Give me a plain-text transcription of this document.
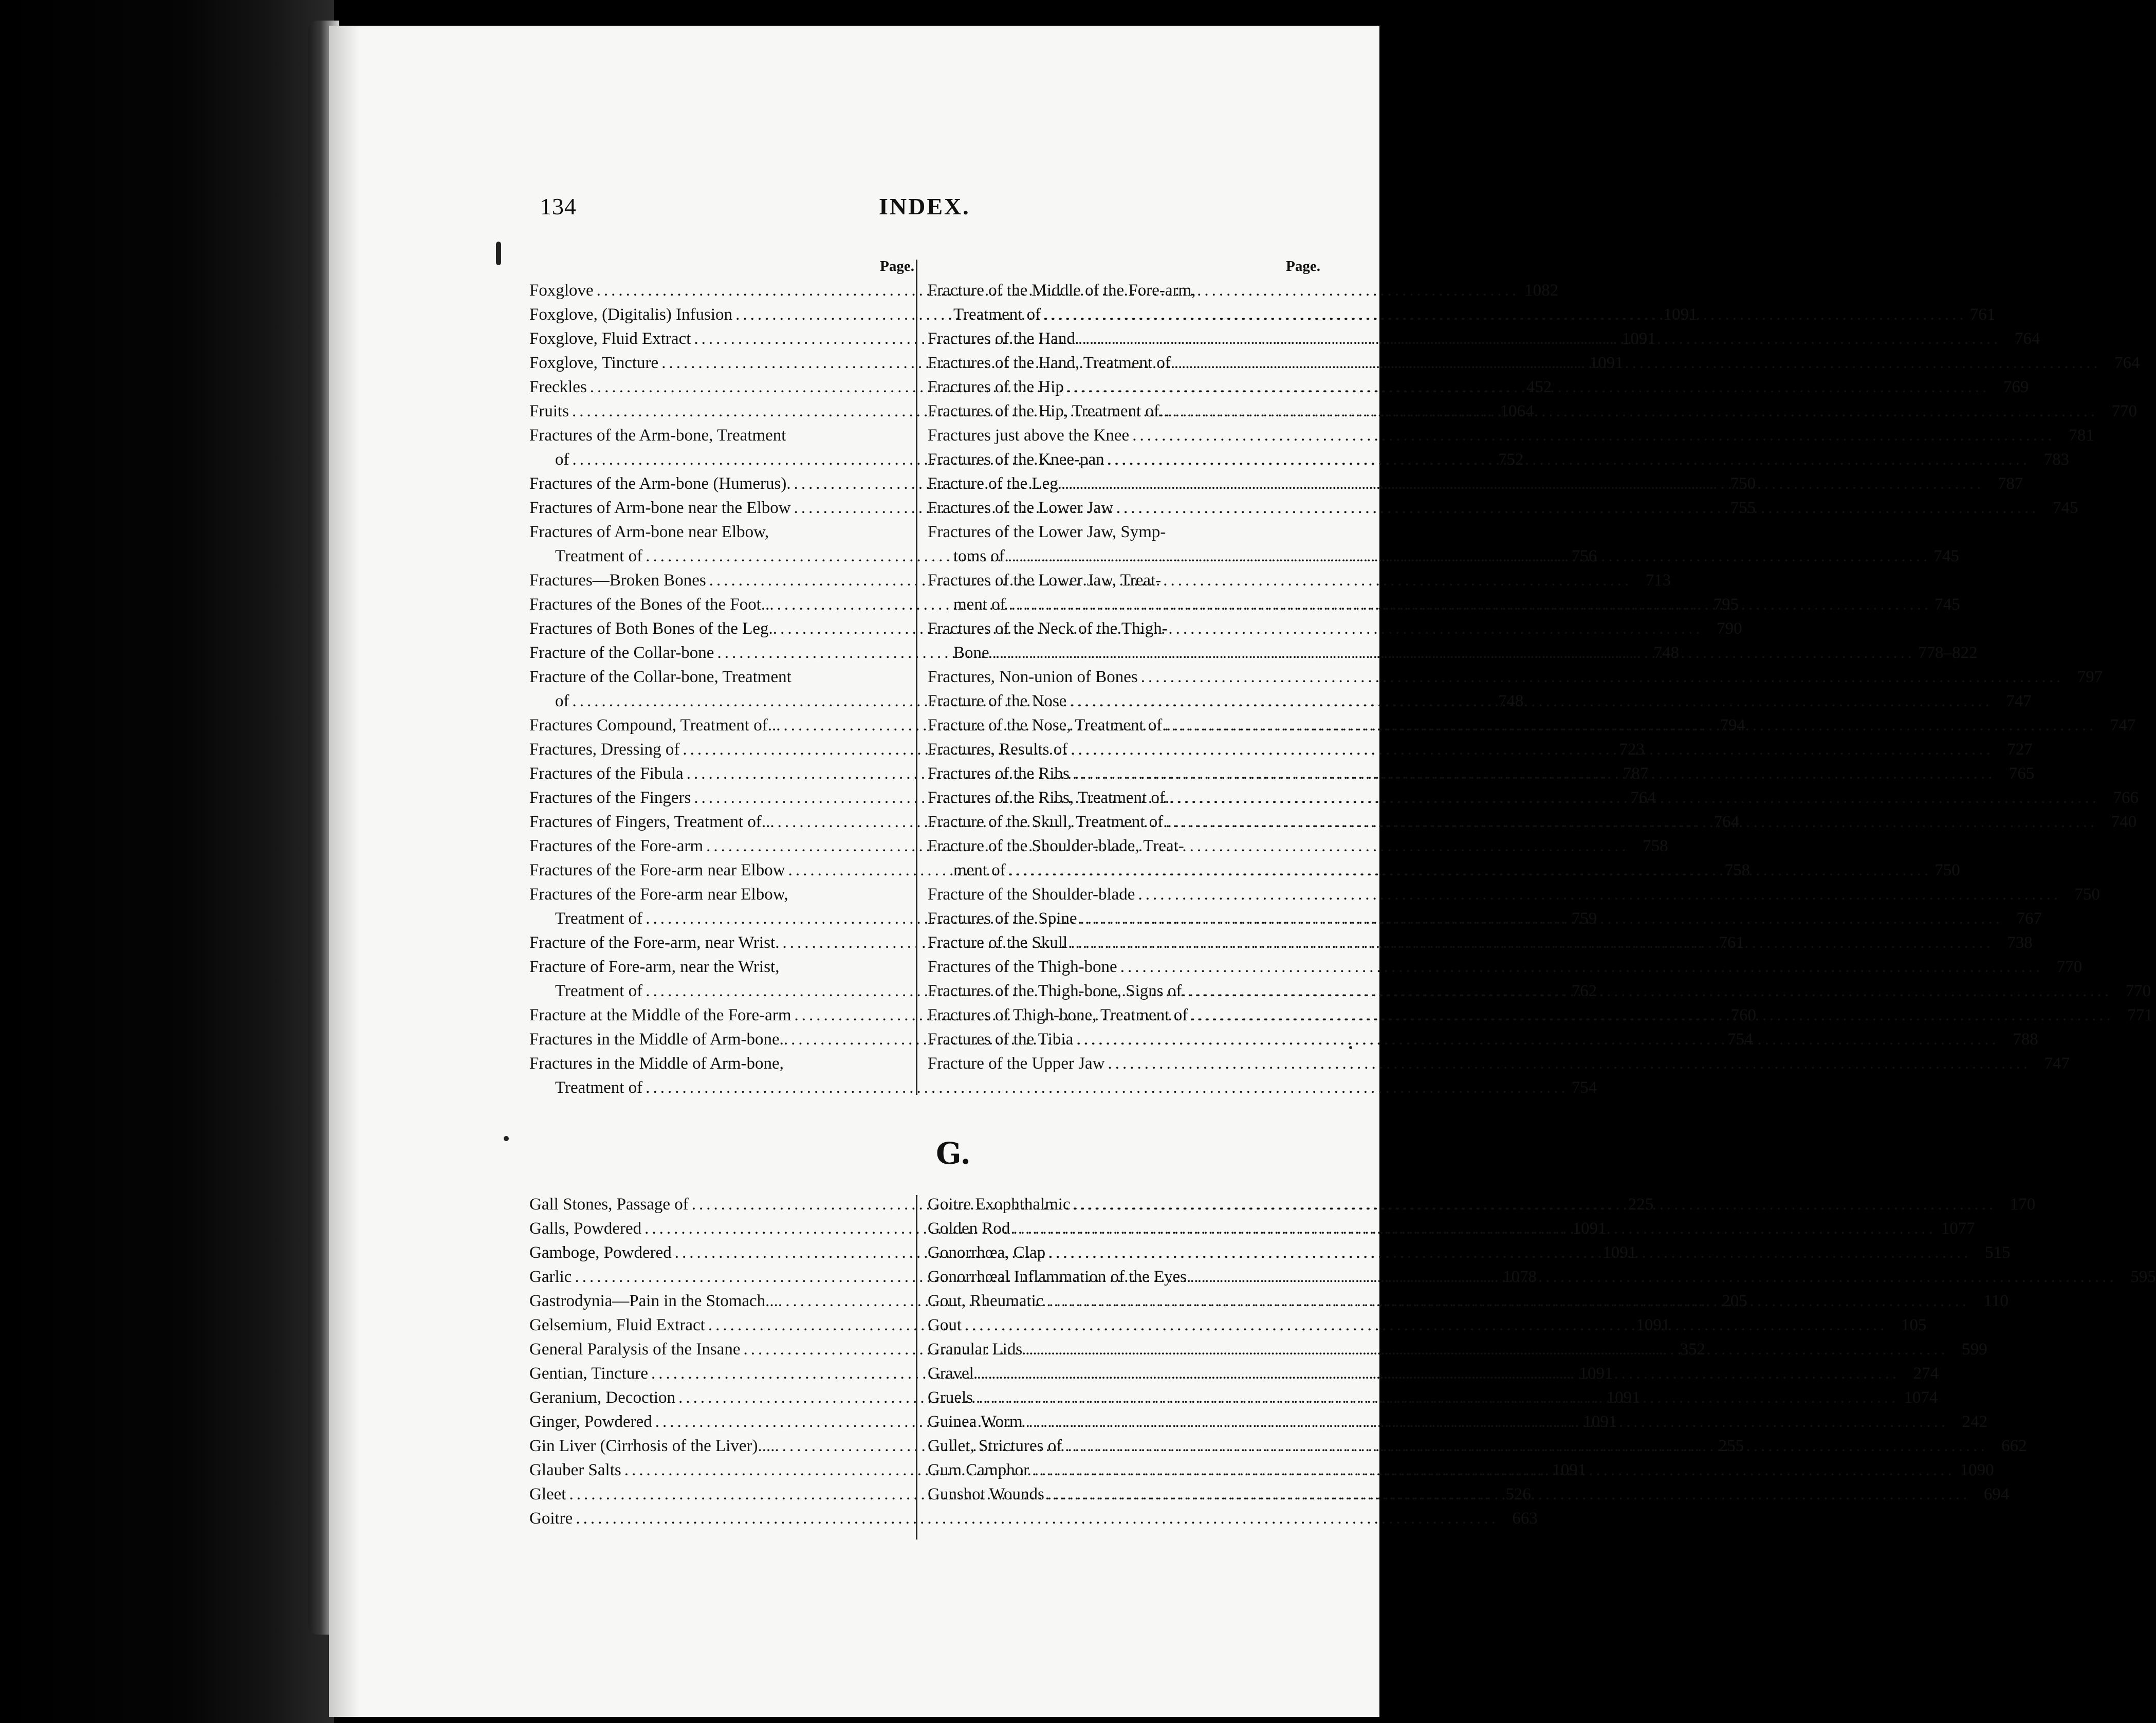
134	INDEX.
Page.
Foxglove .....	1082
Foxglove, (Digitalis) Infusion .....	1091
Foxglove, Fluid Extract .....	1091
Foxglove, Tincture .....	1091
Freckles .....	452
Fruits .....	1064
Fractures of the Arm-bone, Treatment
of .....	752
Fractures of the Arm-bone (Humerus). .....	750
Fractures of Arm-bone near the Elbow .....	755
Fractures of Arm-bone near Elbow,
Treatment of .....	756
Fractures—Broken Bones .....	713
Fractures of the Bones of the Foot... .....	795
Fractures of Both Bones of the Leg.. .....	790
Fracture of the Collar-bone .....	748
Fracture of the Collar-bone, Treatment
of .....	748
Fractures Compound, Treatment of... .....	794
Fractures, Dressing of .....	723
Fractures of the Fibula .....	787
Fractures of the Fingers .....	764
Fractures of Fingers, Treatment of... .....	764
Fractures of the Fore-arm .....	758
Fractures of the Fore-arm near Elbow .....	758
Fractures of the Fore-arm near Elbow,
Treatment of .....	759
Fracture of the Fore-arm, near Wrist. .....	761
Fracture of Fore-arm, near the Wrist,
Treatment of .....	762
Fracture at the Middle of the Fore-arm .....	760
Fractures in the Middle of Arm-bone.. .....	754
Fractures in the Middle of Arm-bone,
Treatment of .....	754
Page.
Fracture of the Middle of the Fore-arm,
Treatment of .....	761
Fractures of the Hand .....	764
Fractures of the Hand, Treatment of. .....	764
Fractures of the Hip .....	769
Fractures of the Hip, Treatment of... .....	770
Fractures just above the Knee .....	781
Fractures of the Knee-pan .....	783
Fracture of the Leg .....	787
Fractures of the Lower Jaw .....	745
Fractures of the Lower Jaw, Symp-
toms of .....	745
Fractures of the Lower Jaw, Treat-
ment of .....	745
Fractures of the Neck of the Thigh-
Bone .....	778–822
Fractures, Non-union of Bones .....	797
Fracture of the Nose .....	747
Fracture of the Nose, Treatment of.. .....	747
Fractures, Results of .....	727
Fractures of the Ribs .....	765
Fractures of the Ribs, Treatment of.. .....	766
Fracture of the Skull, Treatment of.. .....	740
Fracture of the Shoulder-blade, Treat-
ment of .....	750
Fracture of the Shoulder-blade .....	750
Fractures of the Spine .....	767
Fracture of the Skull .....	738
Fractures of the Thigh-bone .....	770
Fractures of the Thigh-bone, Signs of. .....	770
Fractures of Thigh-bone, Treatment of .....	771
Fractures of the Tibia .....	788
Fracture of the Upper Jaw .....	747
G.
Gall Stones, Passage of .....	225
Galls, Powdered .....	1091
Gamboge, Powdered .....	1091
Garlic .....	1078
Gastrodynia—Pain in the Stomach.... .....	205
Gelsemium, Fluid Extract .....	1091
General Paralysis of the Insane .....	352
Gentian, Tincture .....	1091
Geranium, Decoction .....	1091
Ginger, Powdered .....	1091
Gin Liver (Cirrhosis of the Liver)..... .....	255
Glauber Salts .....	1091
Gleet .....	526
Goitre .....	663
Goitre Exophthalmic .....	170
Golden Rod .....	1077
Gonorrhœa, Clap .....	515
Gonorrhœal Inflammation of the Eyes. .....	595
Gout, Rheumatic .....	110
Gout .....	105
Granular Lids .....	599
Gravel .....	274
Gruels .....	1074
Guinea Worm .....	242
Gullet, Strictures of .....	662
Gum Camphor .....	1090
Gunshot Wounds .....	694
